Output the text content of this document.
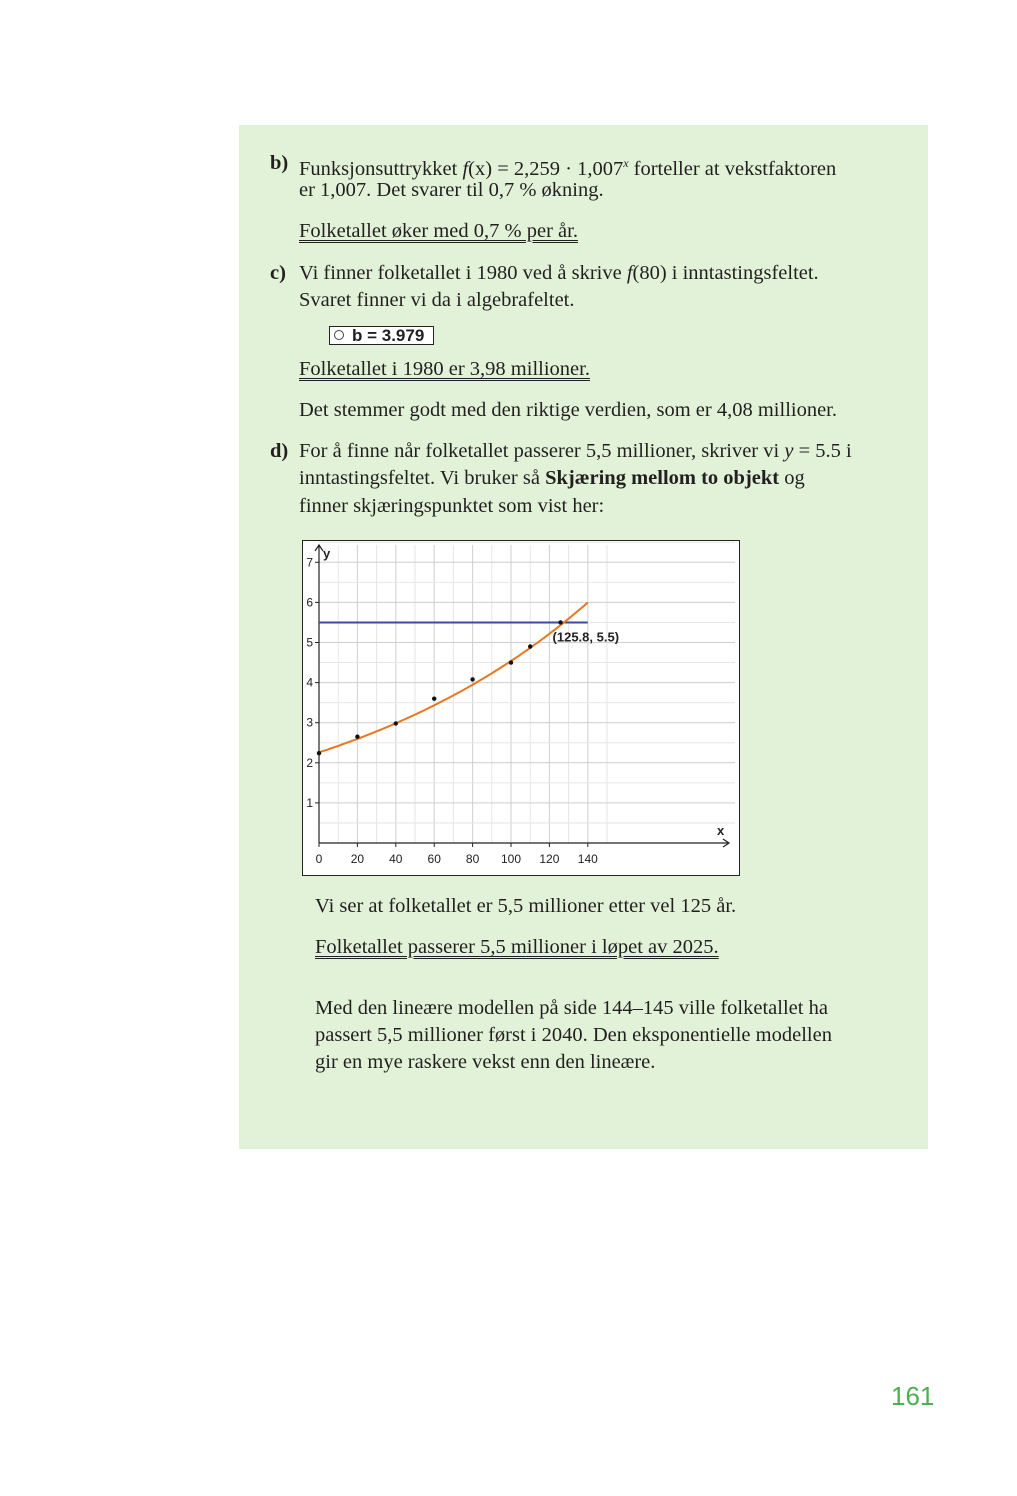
b) Funksjonsuttrykket $f(x) = 2,259 \cdot 1,007^x$ forteller at vekstfaktoren
er 1,007. Det svarer til 0,7 % økning.
Folketallet øker med 0,7 % per år.
c) Vi finner folketallet i 1980 ved å skrive f(80) i inntastingsfeltet.
Svaret finner vi da i algebrafeltet.
b = 3.979
Folketallet i 1980 er 3,98 millioner.
Det stemmer godt med den riktige verdien, som er 4,08 millioner.
d) For å finne når folketallet passerer 5,5 millioner, skriver vi y = 5.5 i
inntastingsfeltet. Vi bruker så Skjæring mellom to objekt og
finner skjæringspunktet som vist her:
0 20 40 60 80 100 120 140
1
2
3
4
5
6
7
x
y
(125.8, 5.5)
Vi ser at folketallet er 5,5 millioner etter vel 125 år.
Folketallet passerer 5,5 millioner i løpet av 2025.
Med den lineære modellen på side 144–145 ville folketallet ha
passert 5,5 millioner først i 2040. Den eksponentielle modellen
gir en mye raskere vekst enn den lineære.
161
